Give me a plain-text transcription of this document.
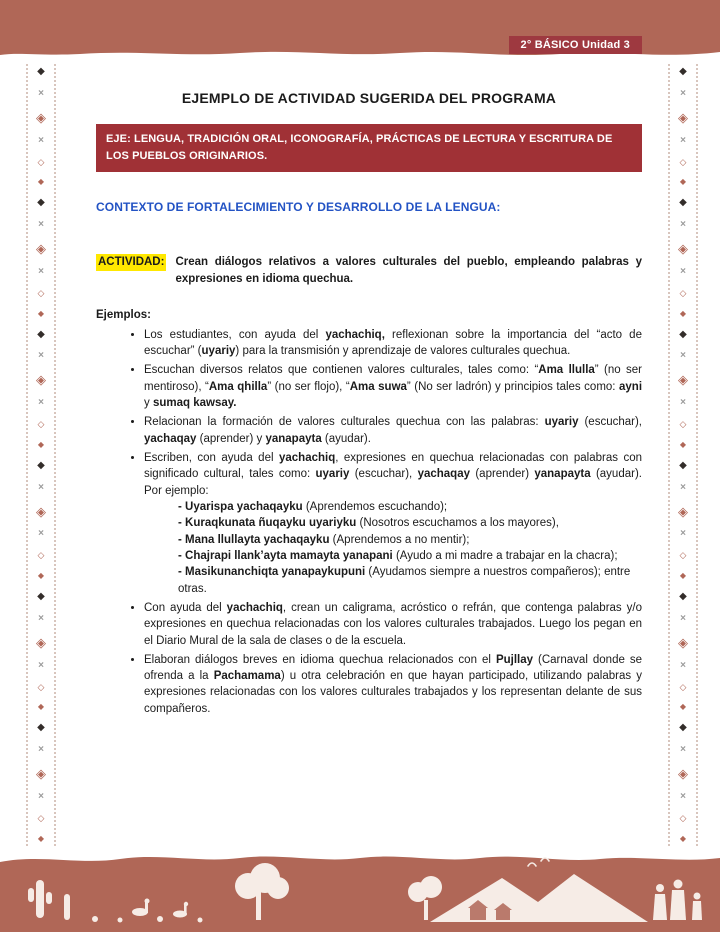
2° BÁSICO Unidad 3
◆
×
◈
×
◇
◆
◆
×
◈
×
◇
◆
◆
×
◈
×
◇
◆
◆
×
◈
×
◇
◆
◆
×
◈
×
◇
◆
◆
×
◈
×
◇
◆
◆
×
◈
×
◇
◆
◆
×
◈
×
◇
◆
◆
×
◈
×
◇
◆
◆
×
◈
×
◇
◆
◆
×
◈
×
◇
◆
◆
×
◈
×
◇
◆
EJEMPLO DE ACTIVIDAD SUGERIDA DEL PROGRAMA
EJE: LENGUA, TRADICIÓN ORAL, ICONOGRAFÍA, PRÁCTICAS DE LECTURA Y ESCRITURA DE LOS PUEBLOS ORIGINARIOS.
CONTEXTO DE FORTALECIMIENTO Y DESARROLLO DE LA LENGUA:
ACTIVIDAD: Crean diálogos relativos a valores culturales del pueblo, empleando palabras y expresiones en idioma quechua.
Ejemplos:
• Los estudiantes, con ayuda del yachachiq, reflexionan sobre la importancia del “acto de escuchar” (uyariy) para la transmisión y aprendizaje de valores culturales quechua.
• Escuchan diversos relatos que contienen valores culturales, tales como: “Ama llulla” (no ser mentiroso), “Ama qhilla” (no ser flojo), “Ama suwa” (No ser ladrón) y principios tales como: ayni y sumaq kawsay.
• Relacionan la formación de valores culturales quechua con las palabras: uyariy (escuchar), yachaqay (aprender) y yanapayta (ayudar).
• Escriben, con ayuda del yachachiq, expresiones en quechua relacionadas con palabras con significado cultural, tales como: uyariy (escuchar), yachaqay (aprender) yanapayta (ayudar). Por ejemplo:
- Uyarispa yachaqayku (Aprendemos escuchando);
- Kuraqkunata ñuqayku uyariyku (Nosotros escuchamos a los mayores),
- Mana llullayta yachaqayku (Aprendemos a no mentir);
- Chajrapi llank’ayta mamayta yanapani (Ayudo a mi madre a trabajar en la chacra);
- Masikunanchiqta yanapaykupuni (Ayudamos siempre a nuestros compañeros); entre otras.
• Con ayuda del yachachiq, crean un caligrama, acróstico o refrán, que contenga palabras y/o expresiones en quechua relacionadas con los valores culturales trabajados. Luego los pegan en el Diario Mural de la sala de clases o de la escuela.
• Elaboran diálogos breves en idioma quechua relacionados con el Pujllay (Carnaval donde se ofrenda a la Pachamama) u otra celebración en que hayan participado, utilizando palabras y expresiones relacionadas con los valores culturales trabajados y los representan delante de sus compañeros.
